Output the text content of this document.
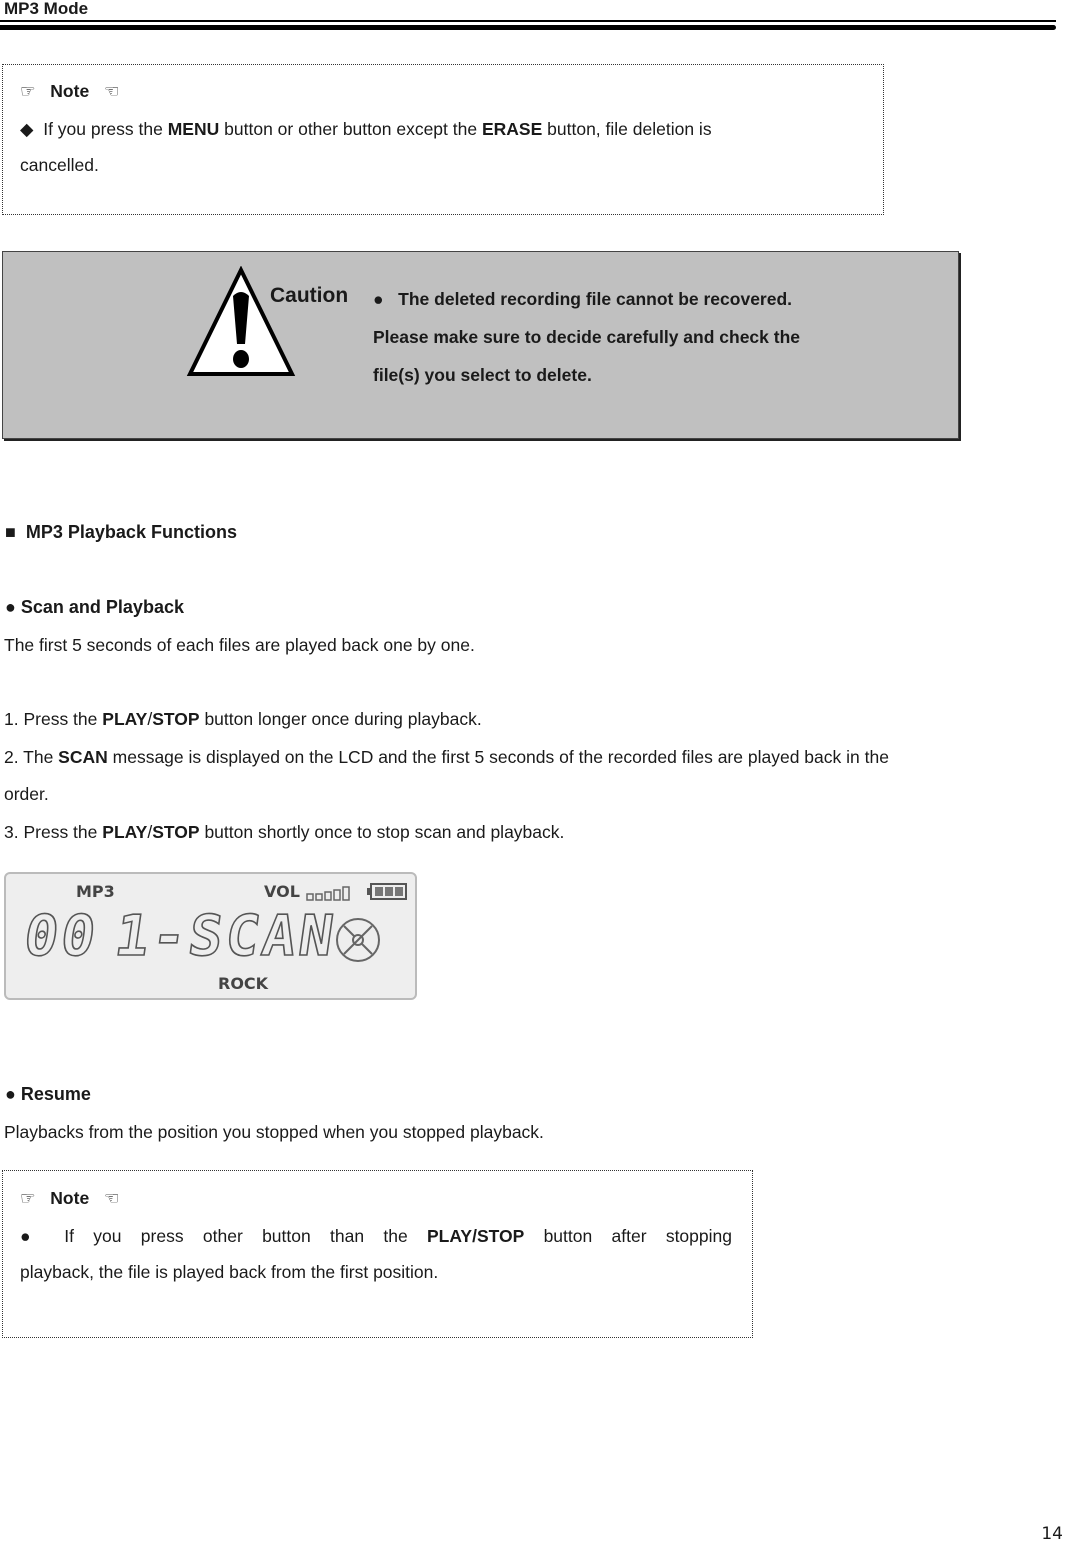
MP3 Mode
☞ Note ☜
◆ If you press the MENU button or other button except the ERASE button, file deletion is
cancelled.
Caution ● The deleted recording file cannot be recovered.
Please make sure to decide carefully and check the
file(s) you select to delete.
■ MP3 Playback Functions
● Scan and Playback
The first 5 seconds of each files are played back one by one.
1. Press the PLAY/STOP button longer once during playback.
2. The SCAN message is displayed on the LCD and the first 5 seconds of the recorded files are played back in the
order.
3. Press the PLAY/STOP button shortly once to stop scan and playback.
MP3	VOL
00 1-SCAN
ROCK
● Resume
Playbacks from the position you stopped when you stopped playback.
☞ Note ☜
● If you press other button than the PLAY/STOP button after stopping
playback, the file is played back from the first position.
14
